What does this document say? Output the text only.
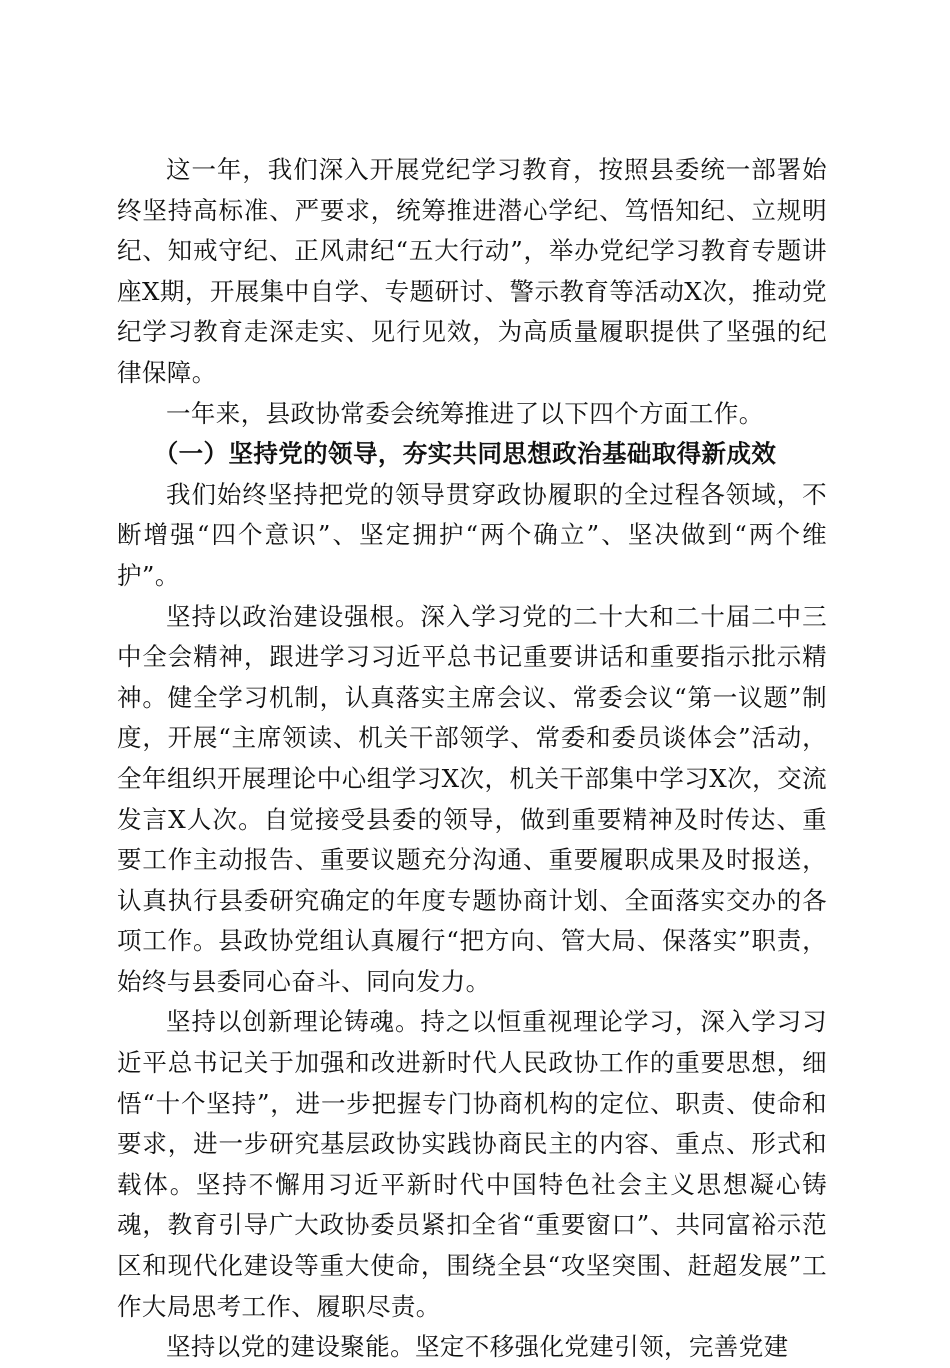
这一年，我们深入开展党纪学习教育，按照县委统一部署始终坚持高标准、严要求，统筹推进潜心学纪、笃悟知纪、立规明纪、知戒守纪、正风肃纪“五大行动”，举办党纪学习教育专题讲座X期，开展集中自学、专题研讨、警示教育等活动X次，推动党纪学习教育走深走实、见行见效，为高质量履职提供了坚强的纪律保障。

一年来，县政协常委会统筹推进了以下四个方面工作。

（一）坚持党的领导，夯实共同思想政治基础取得新成效

我们始终坚持把党的领导贯穿政协履职的全过程各领域，不断增强“四个意识”、坚定拥护“两个确立”、坚决做到“两个维护”。

坚持以政治建设强根。深入学习党的二十大和二十届二中三中全会精神，跟进学习习近平总书记重要讲话和重要指示批示精神。健全学习机制，认真落实主席会议、常委会议“第一议题”制度，开展“主席领读、机关干部领学、常委和委员谈体会”活动，全年组织开展理论中心组学习X次，机关干部集中学习X次，交流发言X人次。自觉接受县委的领导，做到重要精神及时传达、重要工作主动报告、重要议题充分沟通、重要履职成果及时报送，认真执行县委研究确定的年度专题协商计划、全面落实交办的各项工作。县政协党组认真履行“把方向、管大局、保落实”职责，始终与县委同心奋斗、同向发力。

坚持以创新理论铸魂。持之以恒重视理论学习，深入学习习近平总书记关于加强和改进新时代人民政协工作的重要思想，细悟“十个坚持”，进一步把握专门协商机构的定位、职责、使命和要求，进一步研究基层政协实践协商民主的内容、重点、形式和载体。坚持不懈用习近平新时代中国特色社会主义思想凝心铸魂，教育引导广大政协委员紧扣全省“重要窗口”、共同富裕示范区和现代化建设等重大使命，围绕全县“攻坚突围、赶超发展”工作大局思考工作、履职尽责。

坚持以党的建设聚能。坚定不移强化党建引领，完善党建
